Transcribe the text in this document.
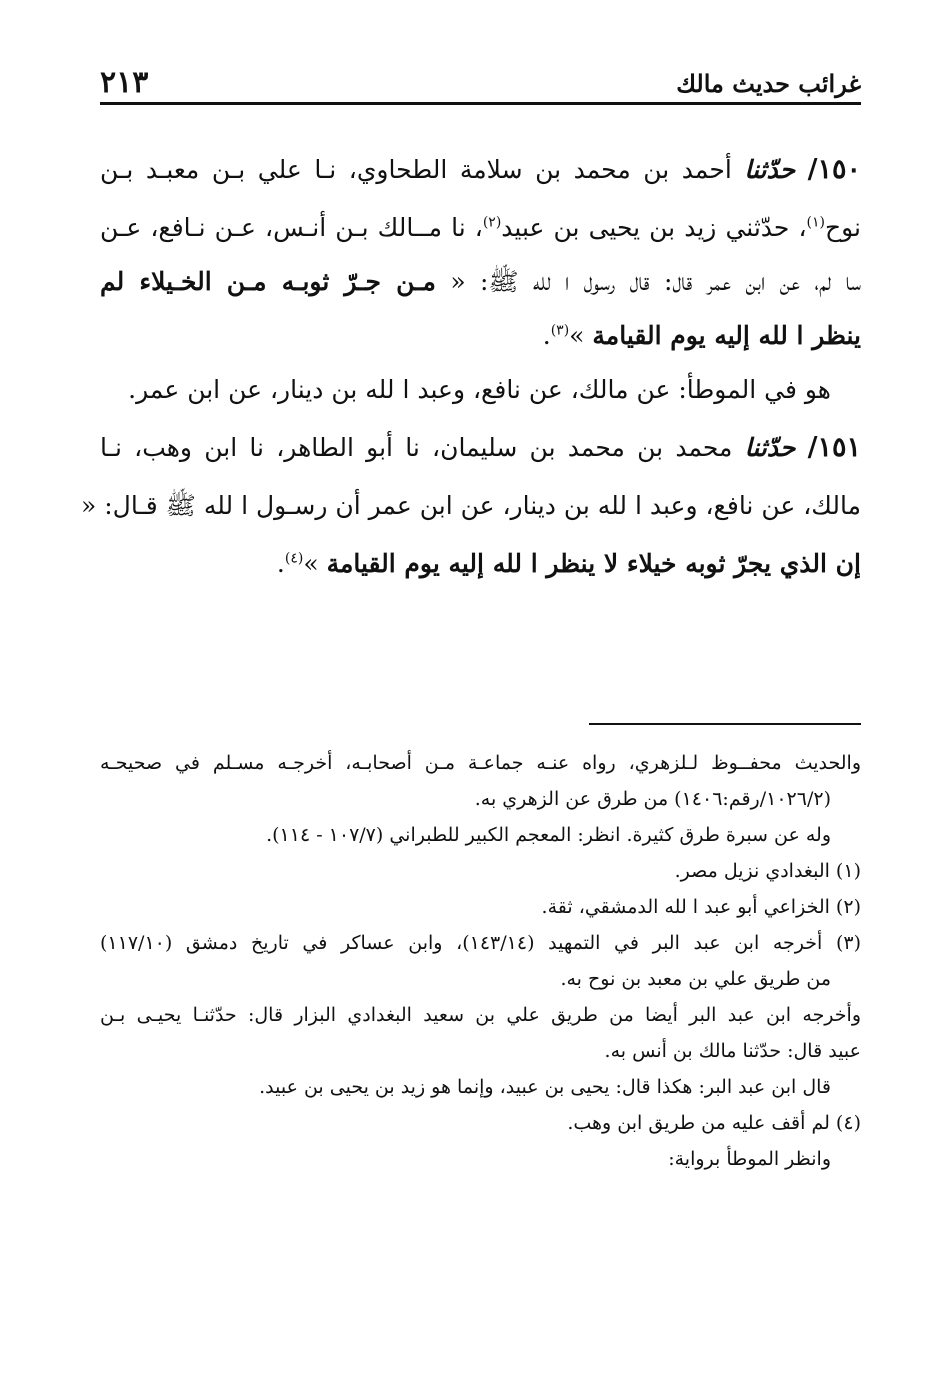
غرائب حديث مالك
٢١٣

١٥٠/ حدّثنا أحمد بن محمد بن سلامة الطحاوي، نـا علي بـن معبـد بـن

نوح$^{(١)}$، حدّثني زيد بن يحيى بن عبيد$^{(٢)}$، نا مــالك بـن أنـس، عـن نـافع، عـن

سا لم، عن ابن عمر قال: قال رسول ا لله ﷺ: « مـن جـرّ ثوبـه مـن الخـيلاء لم

ينظر ا لله إليه يوم القيامة »$^{(٣)}$.

هو في الموطأ: عن مالك، عن نافع، وعبد ا لله بن دينار، عن ابن عمر.

١٥١/ حدّثنا محمد بن محمد بن سليمان، نا أبو الطاهر، نا ابن وهب، نـا

مالك، عن نافع، وعبد ا لله بن دينار، عن ابن عمر أن رسـول ا لله ﷺ قـال: «

إن الذي يجرّ ثوبه خيلاء لا ينظر ا لله إليه يوم القيامة »$^{(٤)}$.

والحديث محفــوظ لـلزهري، رواه عنـه جماعـة مـن أصحابـه، أخرجـه مسـلم في صحيحـه

(١٠٢٦/٢/رقم:١٤٠٦) من طرق عن الزهري به.

وله عن سبرة طرق كثيرة. انظر: المعجم الكبير للطبراني (١٠٧/٧ - ١١٤).

(١) البغدادي نزيل مصر.

(٢) الخزاعي أبو عبد ا لله الدمشقي، ثقة.

(٣) أخرجه ابن عبد البر في التمهيد (١٤٣/١٤)، وابن عساكر في تاريخ دمشق (١١٧/١٠)

من طريق علي بن معبد بن نوح به.

وأخرجه ابن عبد البر أيضا من طريق علي بن سعيد البغدادي البزار قال: حدّثنـا يحيـى بـن

عبيد قال: حدّثنا مالك بن أنس به.

قال ابن عبد البر: هكذا قال: يحيى بن عبيد، وإنما هو زيد بن يحيى بن عبيد.

(٤) لم أقف عليه من طريق ابن وهب.

وانظر الموطأ برواية:
